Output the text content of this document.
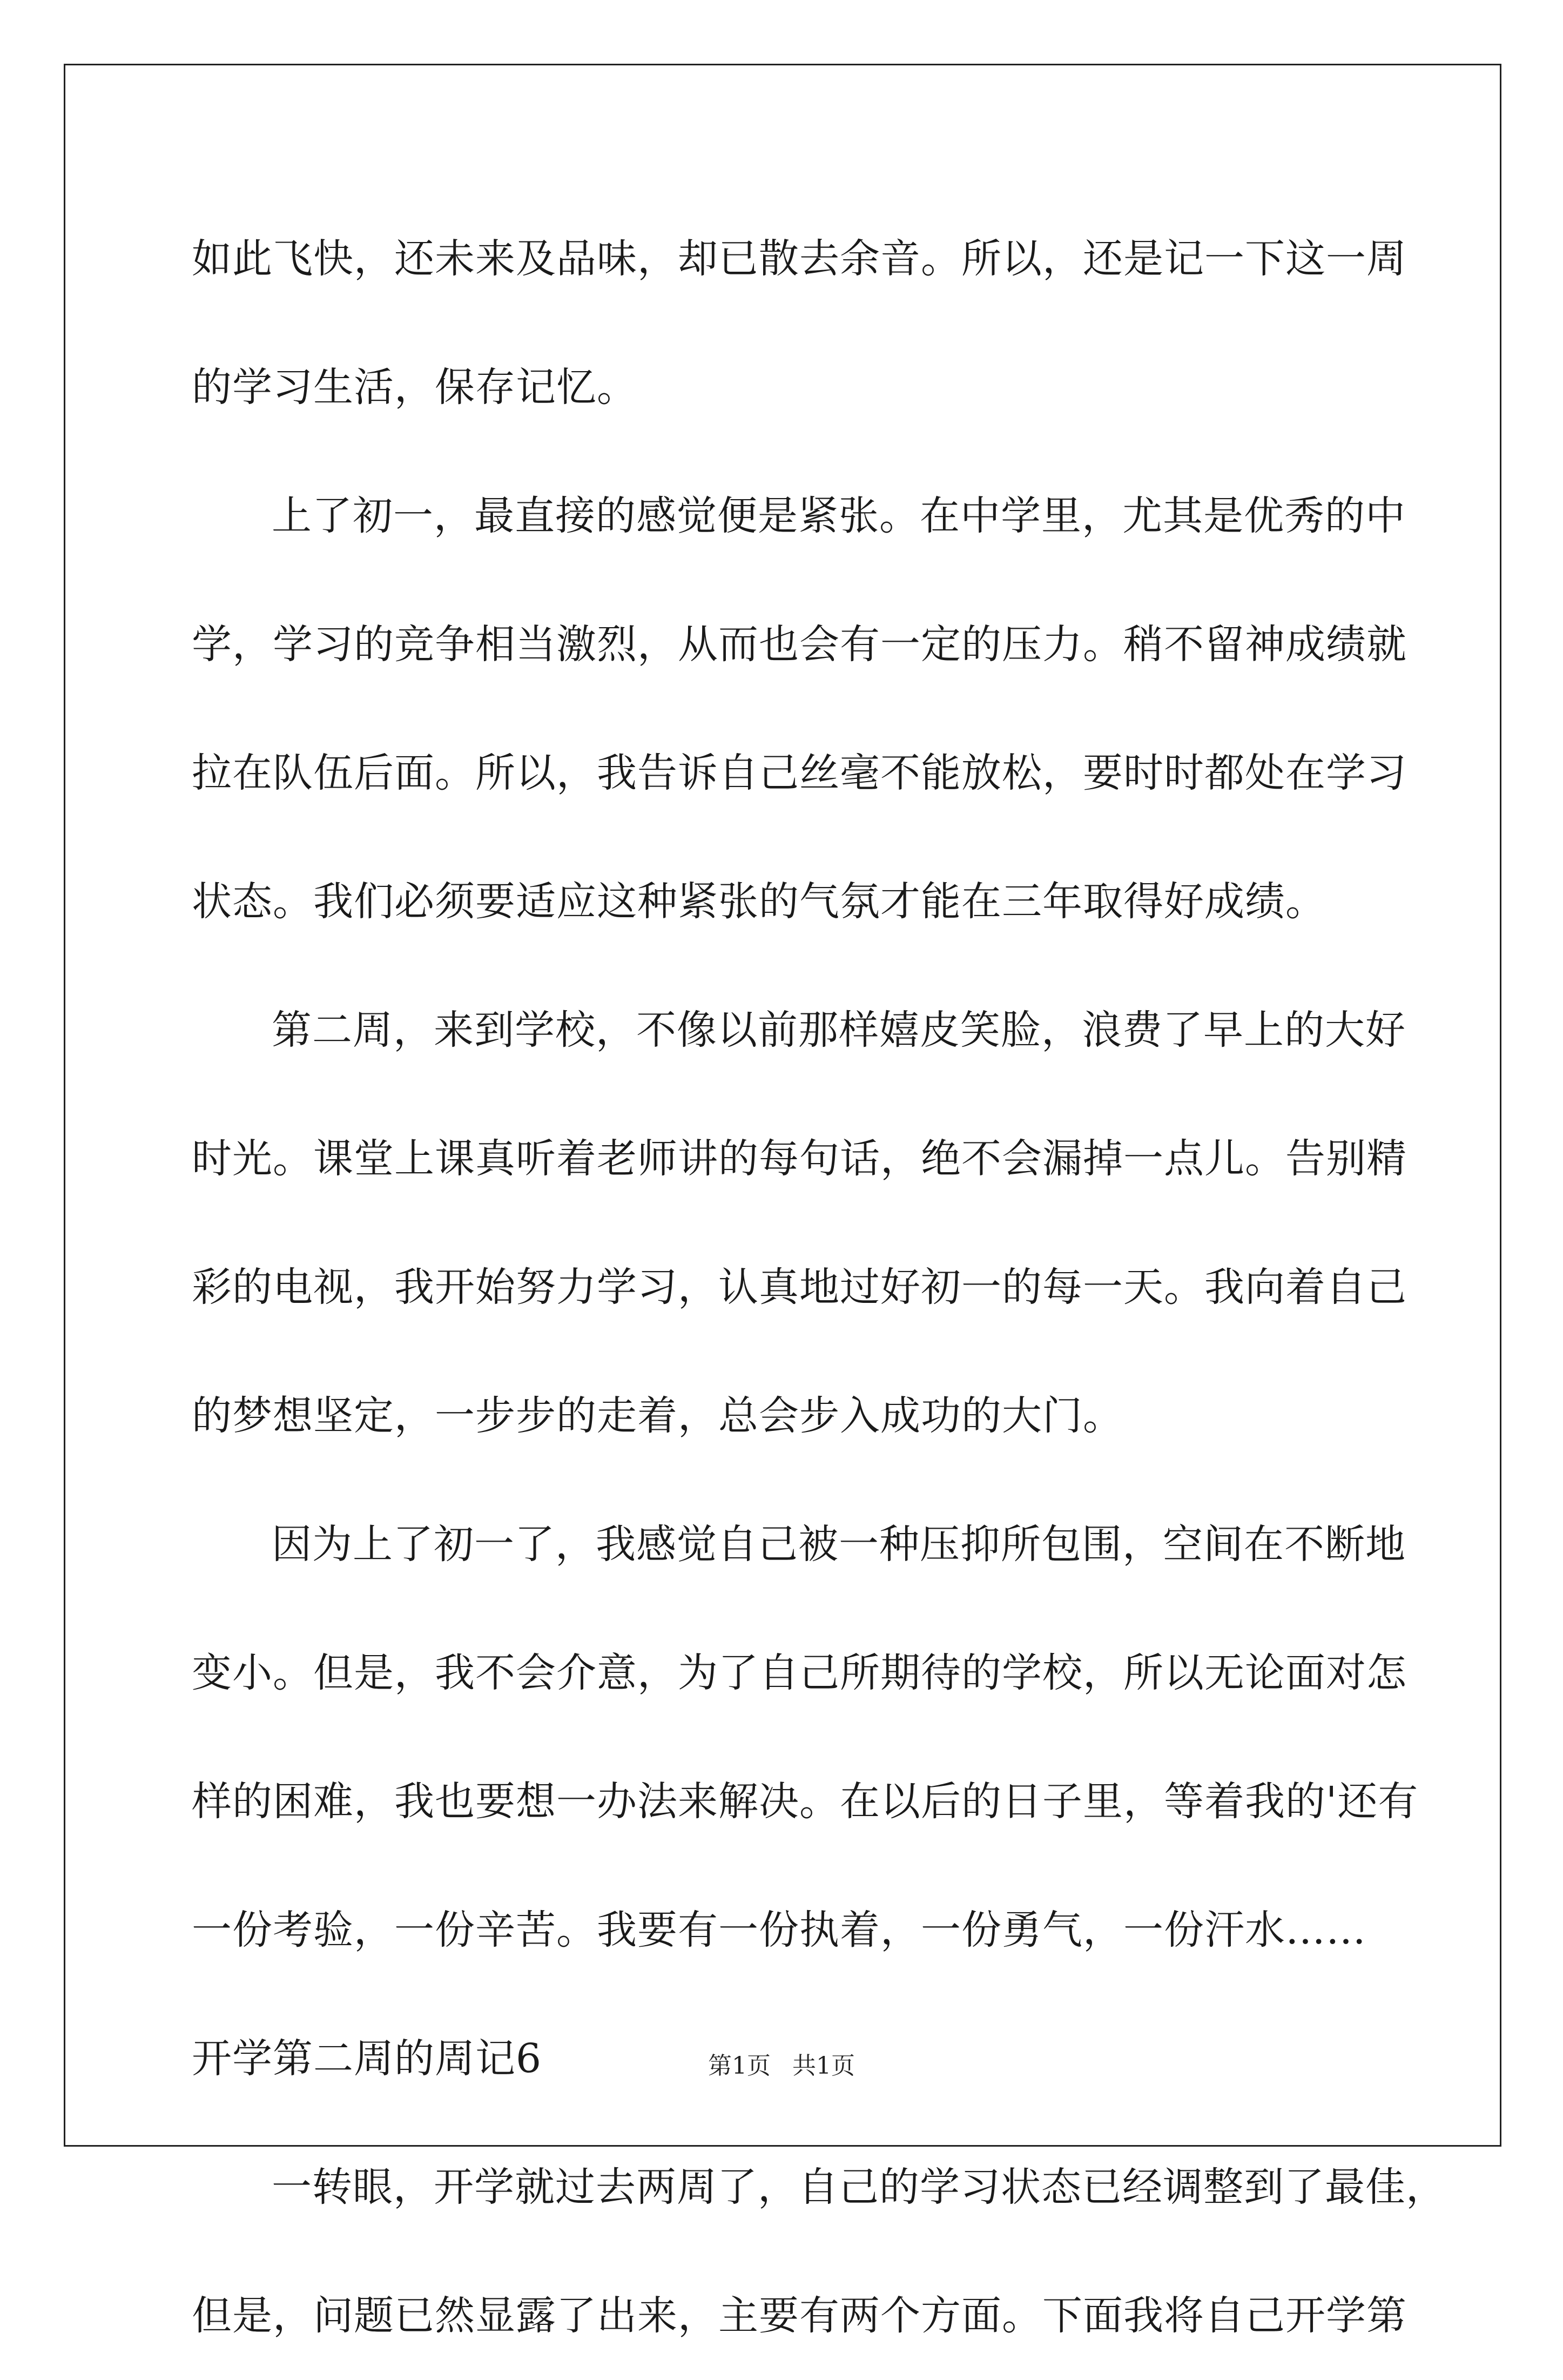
如此飞快，还未来及品味，却已散去余音。所以，还是记一下这一周
的学习生活，保存记忆。
上了初一，最直接的感觉便是紧张。在中学里，尤其是优秀的中
学，学习的竞争相当激烈，从而也会有一定的压力。稍不留神成绩就
拉在队伍后面。所以，我告诉自己丝毫不能放松，要时时都处在学习
状态。我们必须要适应这种紧张的气氛才能在三年取得好成绩。
第二周，来到学校，不像以前那样嬉皮笑脸，浪费了早上的大好
时光。课堂上课真听着老师讲的每句话，绝不会漏掉一点儿。告别精
彩的电视，我开始努力学习，认真地过好初一的每一天。我向着自己
的梦想坚定，一步步的走着，总会步入成功的大门。
因为上了初一了，我感觉自己被一种压抑所包围，空间在不断地
变小。但是，我不会介意，为了自己所期待的学校，所以无论面对怎
样的困难，我也要想一办法来解决。在以后的日子里，等着我的'还有
一份考验，一份辛苦。我要有一份执着，一份勇气，一份汗水……
开学第二周的周记6
一转眼，开学就过去两周了，自己的学习状态已经调整到了最佳，
但是，问题已然显露了出来，主要有两个方面。下面我将自己开学第
第1页 共1页
